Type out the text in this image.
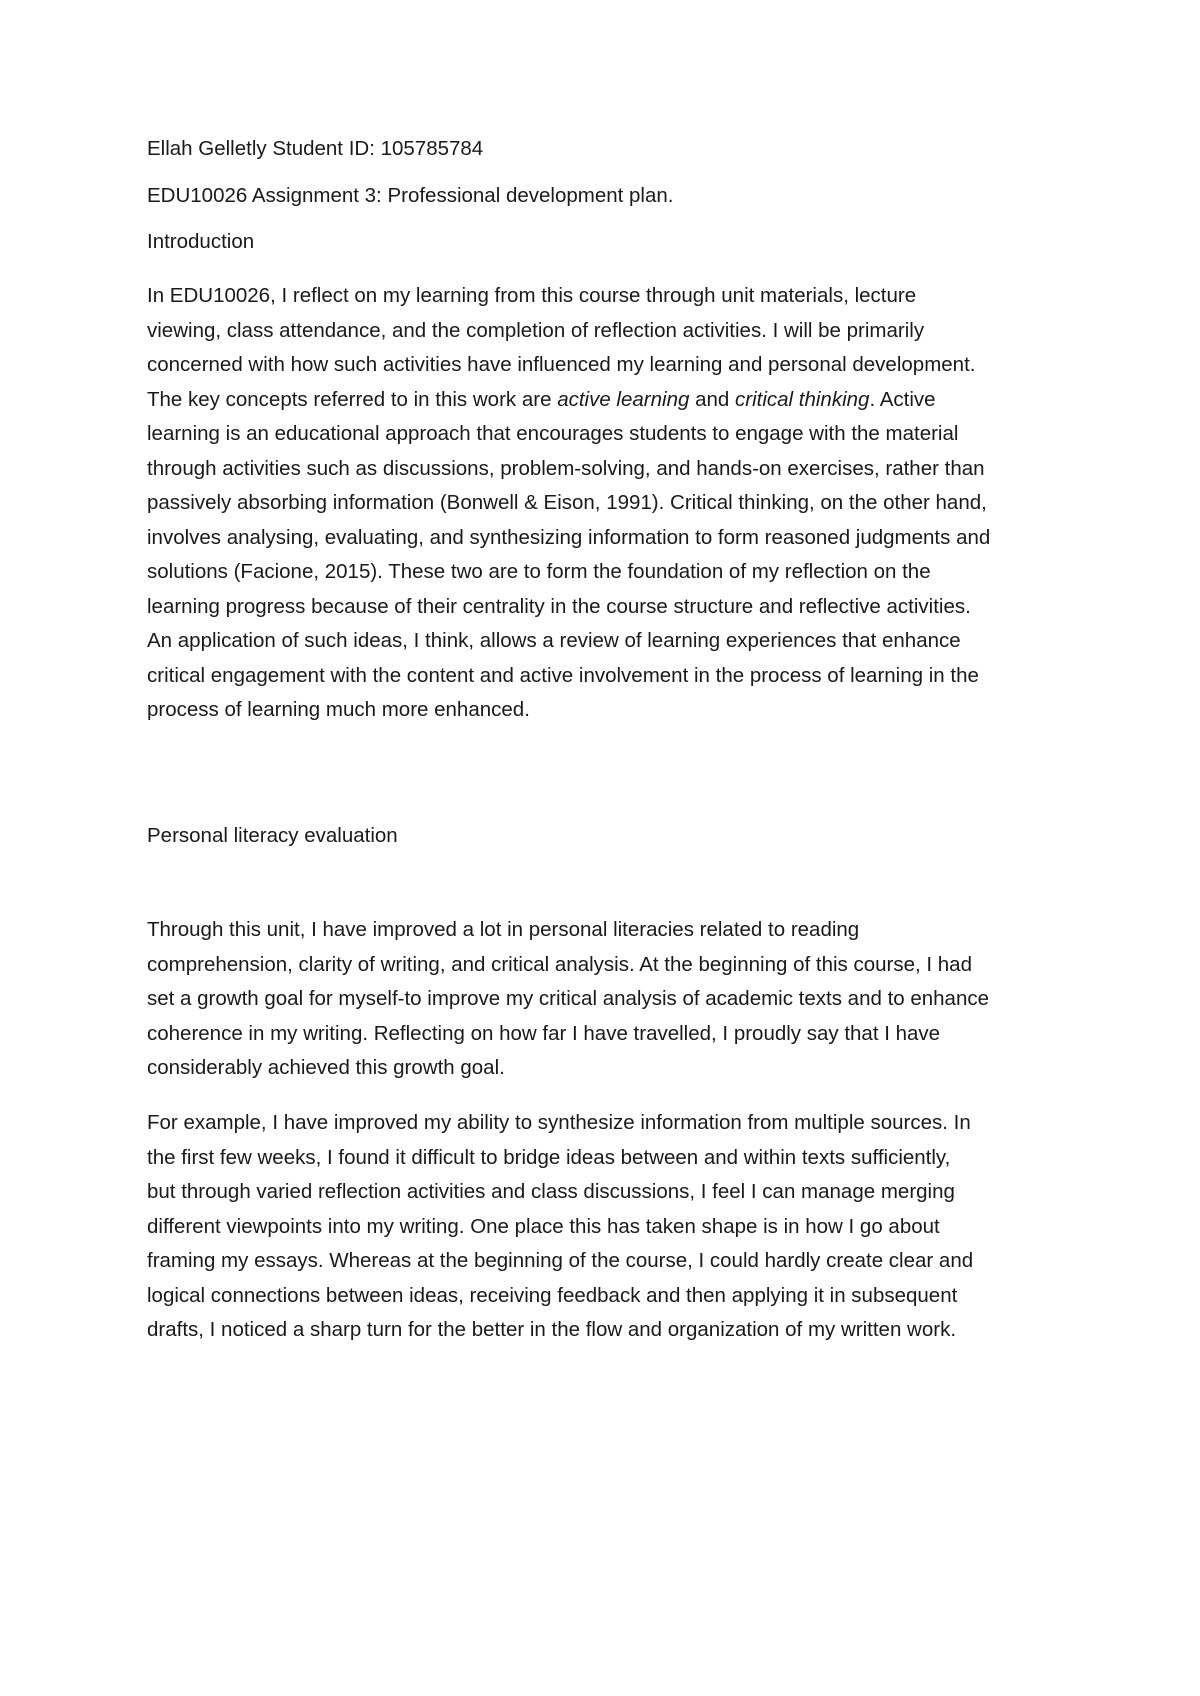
Ellah Gelletly Student ID: 105785784

EDU10026 Assignment 3: Professional development plan.

Introduction

In EDU10026, I reflect on my learning from this course through unit materials, lecture
viewing, class attendance, and the completion of reflection activities. I will be primarily
concerned with how such activities have influenced my learning and personal development.
The key concepts referred to in this work are active learning and critical thinking. Active
learning is an educational approach that encourages students to engage with the material
through activities such as discussions, problem-solving, and hands-on exercises, rather than
passively absorbing information (Bonwell & Eison, 1991). Critical thinking, on the other hand,
involves analysing, evaluating, and synthesizing information to form reasoned judgments and
solutions (Facione, 2015). These two are to form the foundation of my reflection on the
learning progress because of their centrality in the course structure and reflective activities.
An application of such ideas, I think, allows a review of learning experiences that enhance
critical engagement with the content and active involvement in the process of learning in the
process of learning much more enhanced.

Personal literacy evaluation

Through this unit, I have improved a lot in personal literacies related to reading
comprehension, clarity of writing, and critical analysis. At the beginning of this course, I had
set a growth goal for myself-to improve my critical analysis of academic texts and to enhance
coherence in my writing. Reflecting on how far I have travelled, I proudly say that I have
considerably achieved this growth goal.
For example, I have improved my ability to synthesize information from multiple sources. In
the first few weeks, I found it difficult to bridge ideas between and within texts sufficiently,
but through varied reflection activities and class discussions, I feel I can manage merging
different viewpoints into my writing. One place this has taken shape is in how I go about
framing my essays. Whereas at the beginning of the course, I could hardly create clear and
logical connections between ideas, receiving feedback and then applying it in subsequent
drafts, I noticed a sharp turn for the better in the flow and organization of my written work.
